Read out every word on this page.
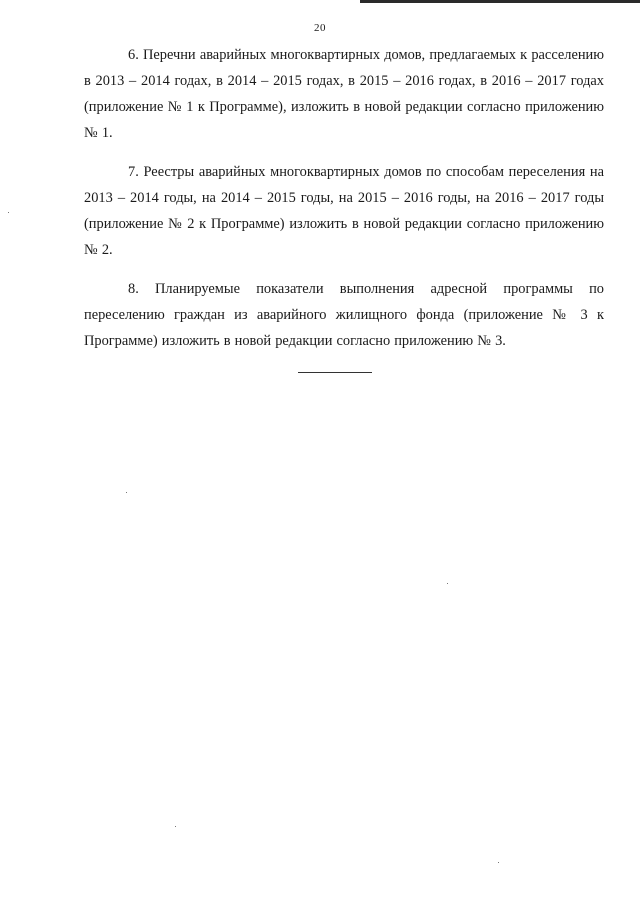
20

6. Перечни аварийных многоквартирных домов, предлагаемых к расселению в 2013 – 2014 годах, в 2014 – 2015 годах, в 2015 – 2016 годах, в 2016 – 2017 годах (приложение № 1 к Программе), изложить в новой редакции согласно приложению № 1.

7. Реестры аварийных многоквартирных домов по способам переселения на 2013 – 2014 годы, на 2014 – 2015 годы, на 2015 – 2016 годы, на 2016 – 2017 годы (приложение № 2 к Программе) изложить в новой редакции согласно приложению № 2.

8. Планируемые показатели выполнения адресной программы по переселению граждан из аварийного жилищного фонда (приложение № 3 к Программе) изложить в новой редакции согласно приложению № 3.
